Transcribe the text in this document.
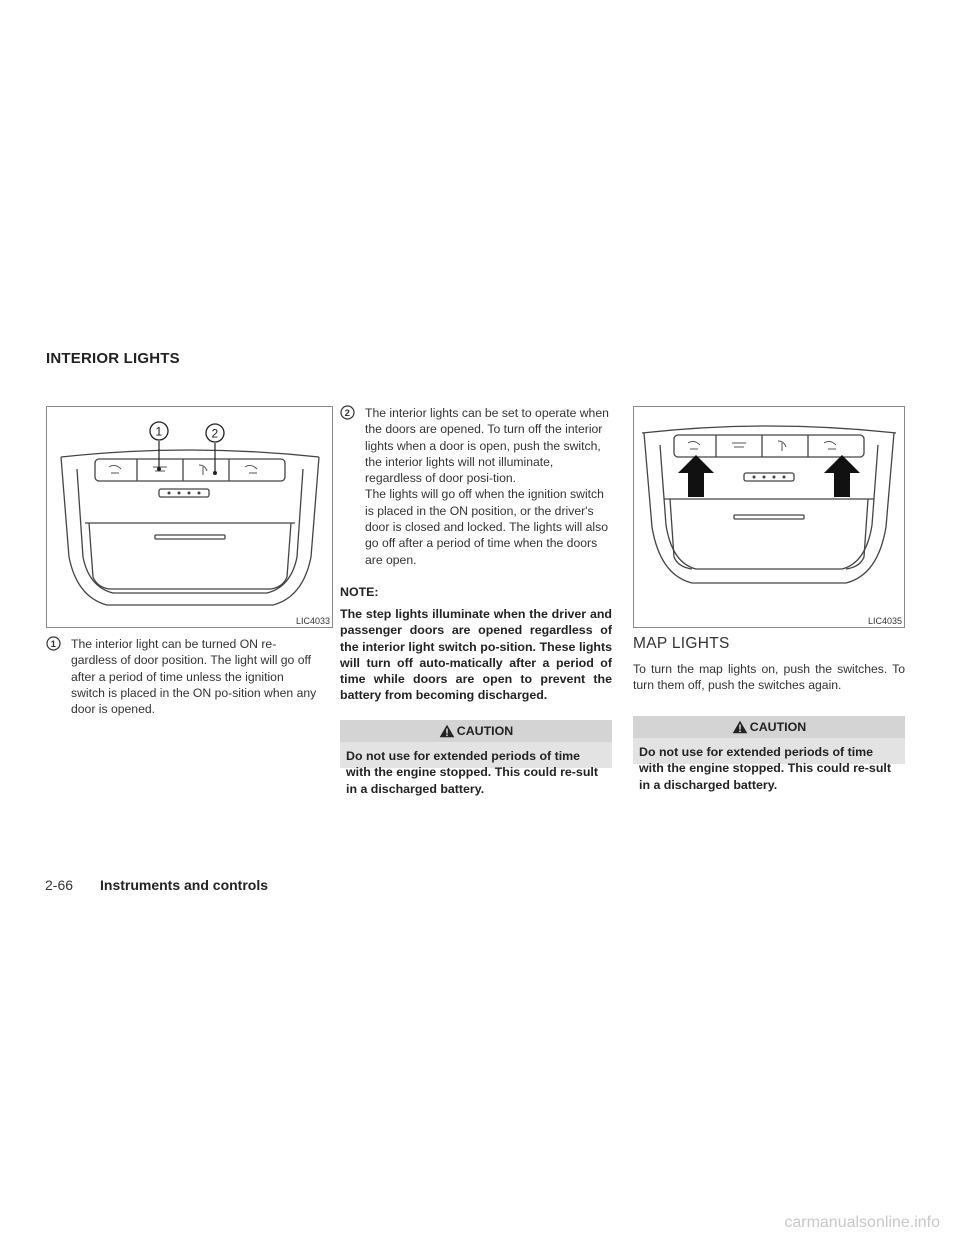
INTERIOR LIGHTS
1	2
LIC4033
1 The interior light can be turned ON re-gardless of door position. The light will go off after a period of time unless the ignition switch is placed in the ON po-sition when any door is opened.
2 The interior lights can be set to operate when the doors are opened. To turn off the interior lights when a door is open, push the switch, the interior lights will not illuminate, regardless of door posi-tion.

The lights will go off when the ignition switch is placed in the ON position, or the driver's door is closed and locked. The lights will also go off after a period of time when the doors are open.

NOTE:
The step lights illuminate when the driver and passenger doors are opened regardless of the interior light switch po-sition. These lights will turn off auto-matically after a period of time while doors are open to prevent the battery from becoming discharged.
CAUTION
Do not use for extended periods of time with the engine stopped. This could re-sult in a discharged battery.
LIC4035
MAP LIGHTS
To turn the map lights on, push the switches. To turn them off, push the switches again.
CAUTION
Do not use for extended periods of time with the engine stopped. This could re-sult in a discharged battery.
2-66 Instruments and controls
carmanualsonline.info
